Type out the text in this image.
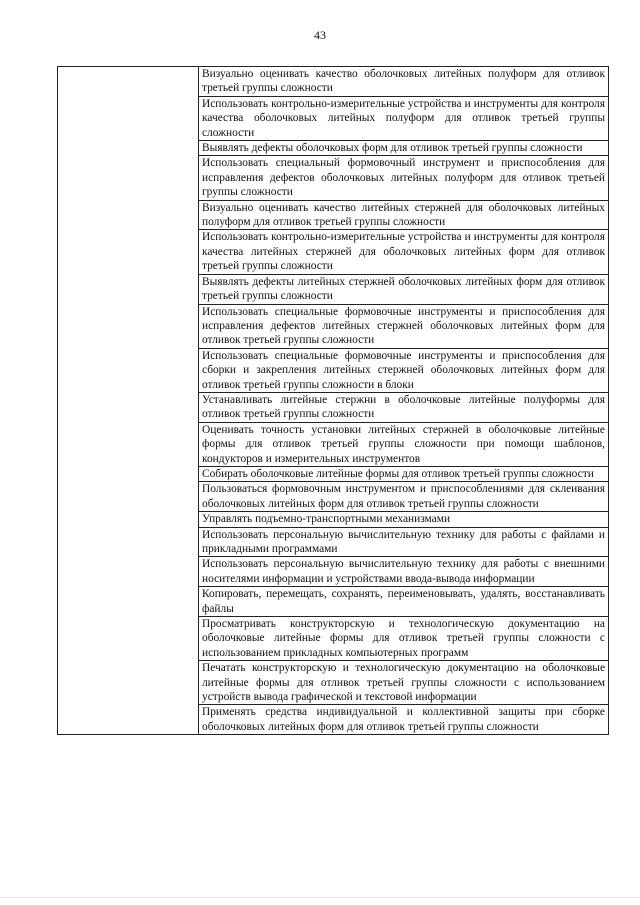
43
	Визуально оценивать качество оболочковых литейных полуформ для отливок третьей группы сложности
Использовать контрольно-измерительные устройства и инструменты для контроля качества оболочковых литейных полуформ для отливок третьей группы сложности
Выявлять дефекты оболочковых форм для отливок третьей группы сложности
Использовать специальный формовочный инструмент и приспособления для исправления дефектов оболочковых литейных полуформ для отливок третьей группы сложности
Визуально оценивать качество литейных стержней для оболочковых литейных полуформ для отливок третьей группы сложности
Использовать контрольно-измерительные устройства и инструменты для контроля качества литейных стержней для оболочковых литейных форм для отливок третьей группы сложности
Выявлять дефекты литейных стержней оболочковых литейных форм для отливок третьей группы сложности
Использовать специальные формовочные инструменты и приспособления для исправления дефектов литейных стержней оболочковых литейных форм для отливок третьей группы сложности
Использовать специальные формовочные инструменты и приспособления для сборки и закрепления литейных стержней оболочковых литейных форм для отливок третьей группы сложности в блоки
Устанавливать литейные стержни в оболочковые литейные полуформы для отливок третьей группы сложности
Оценивать точность установки литейных стержней в оболочковые литейные формы для отливок третьей группы сложности при помощи шаблонов, кондукторов и измерительных инструментов
Собирать оболочковые литейные формы для отливок третьей группы сложности
Пользоваться формовочным инструментом и приспособлениями для склеивания оболочковых литейных форм для отливок третьей группы сложности
Управлять подъемно-транспортными механизмами
Использовать персональную вычислительную технику для работы с файлами и прикладными программами
Использовать персональную вычислительную технику для работы с внешними носителями информации и устройствами ввода-вывода информации
Копировать, перемещать, сохранять, переименовывать, удалять, восстанавливать файлы
Просматривать конструкторскую и технологическую документацию на оболочковые литейные формы для отливок третьей группы сложности с использованием прикладных компьютерных программ
Печатать конструкторскую и технологическую документацию на оболочковые литейные формы для отливок третьей группы сложности с использованием устройств вывода графической и текстовой информации
Применять средства индивидуальной и коллективной защиты при сборке оболочковых литейных форм для отливок третьей группы сложности
